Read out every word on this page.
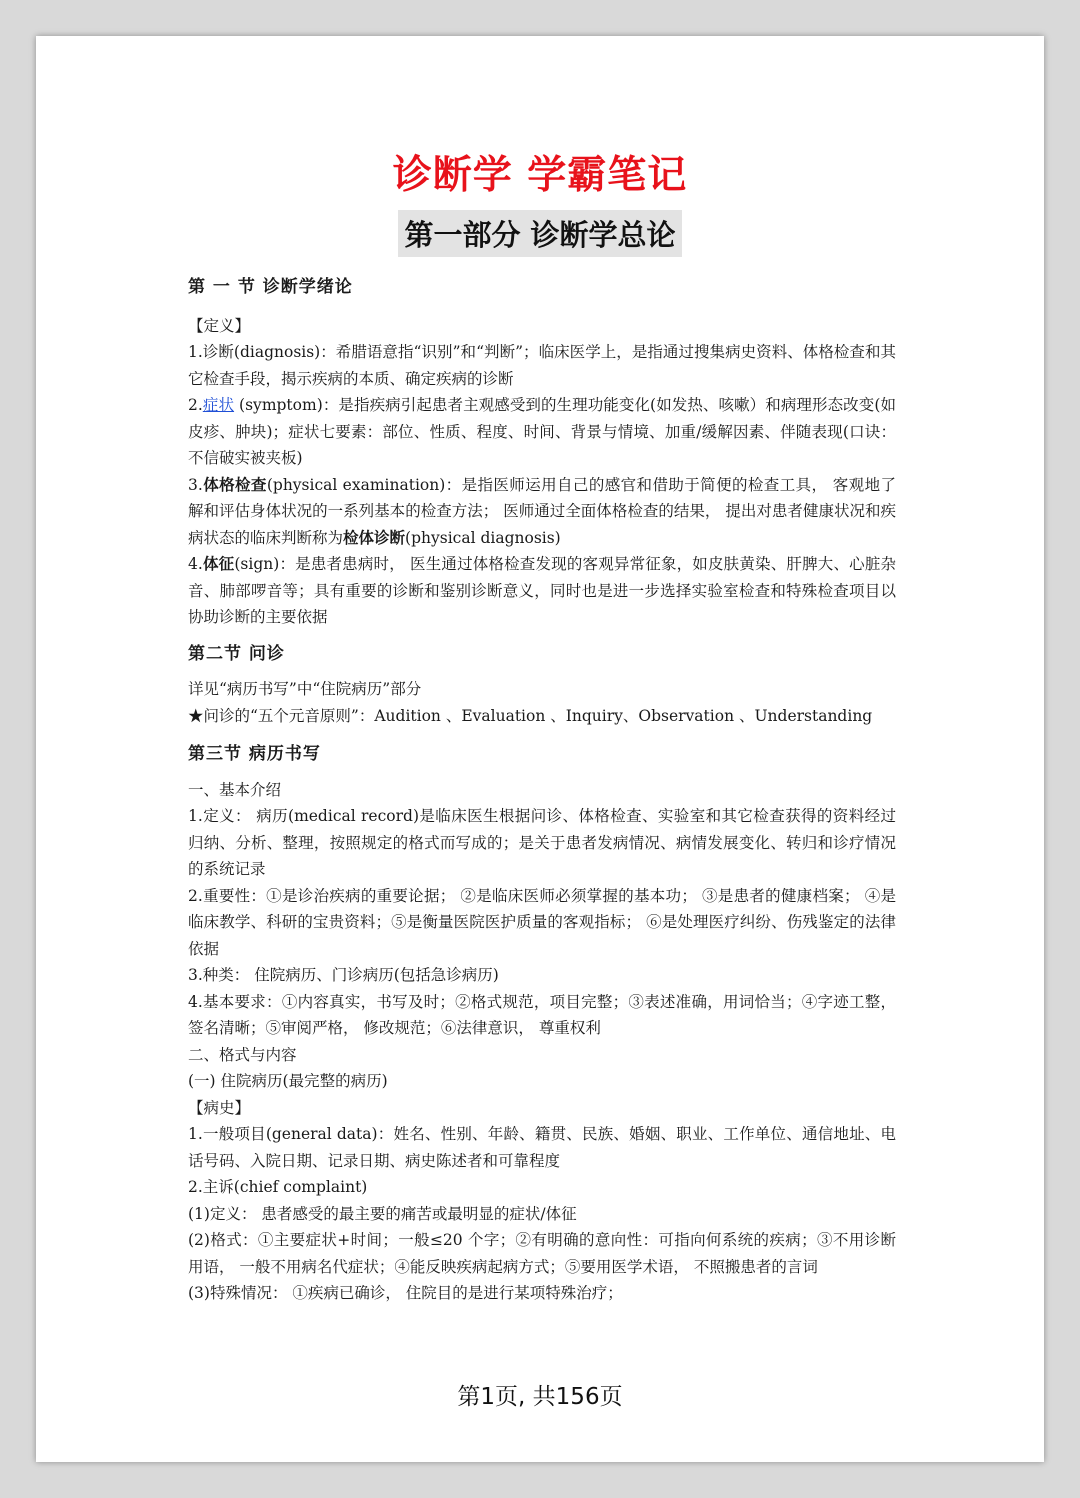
诊断学 学霸笔记
第一部分 诊断学总论

第 一 节 诊断学绪论

【定义】

1.诊断(diagnosis)：希腊语意指“识别”和“判断”；临床医学上，是指通过搜集病史资料、体格检查和其它检查手段，揭示疾病的本质、确定疾病的诊断

2.症状 (symptom)：是指疾病引起患者主观感受到的生理功能变化(如发热、咳嗽）和病理形态改变(如皮疹、肿块)；症状七要素：部位、性质、程度、时间、背景与情境、加重/缓解因素、伴随表现(口诀：不信破实被夹板)

3.体格检查(physical examination)：是指医师运用自己的感官和借助于简便的检查工具， 客观地了解和评估身体状况的一系列基本的检查方法； 医师通过全面体格检查的结果， 提出对患者健康状况和疾病状态的临床判断称为检体诊断(physical diagnosis)

4.体征(sign)：是患者患病时， 医生通过体格检查发现的客观异常征象，如皮肤黄染、肝脾大、心脏杂音、肺部啰音等；具有重要的诊断和鉴别诊断意义，同时也是进一步选择实验室检查和特殊检查项目以协助诊断的主要依据

第二节 问诊

详见“病历书写”中“住院病历”部分

★问诊的“五个元音原则”：Audition 、Evaluation 、Inquiry、Observation 、Understanding

第三节 病历书写

一、基本介绍

1.定义： 病历(medical record)是临床医生根据问诊、体格检查、实验室和其它检查获得的资料经过归纳、分析、整理，按照规定的格式而写成的；是关于患者发病情况、病情发展变化、转归和诊疗情况的系统记录

2.重要性：①是诊治疾病的重要论据； ②是临床医师必须掌握的基本功； ③是患者的健康档案； ④是临床教学、科研的宝贵资料；⑤是衡量医院医护质量的客观指标； ⑥是处理医疗纠纷、伤残鉴定的法律依据

3.种类： 住院病历、门诊病历(包括急诊病历)

4.基本要求：①内容真实，书写及时；②格式规范，项目完整；③表述准确，用词恰当；④字迹工整， 签名清晰；⑤审阅严格， 修改规范；⑥法律意识， 尊重权利

二、格式与内容

(一) 住院病历(最完整的病历)

【病史】

1.一般项目(general data)：姓名、性别、年龄、籍贯、民族、婚姻、职业、工作单位、通信地址、电话号码、入院日期、记录日期、病史陈述者和可靠程度

2.主诉(chief complaint)

(1)定义： 患者感受的最主要的痛苦或最明显的症状/体征

(2)格式：①主要症状+时间；一般≤20 个字；②有明确的意向性：可指向何系统的疾病；③不用诊断用语， 一般不用病名代症状；④能反映疾病起病方式；⑤要用医学术语， 不照搬患者的言词

(3)特殊情况： ①疾病已确诊， 住院目的是进行某项特殊治疗；

第1页, 共156页
